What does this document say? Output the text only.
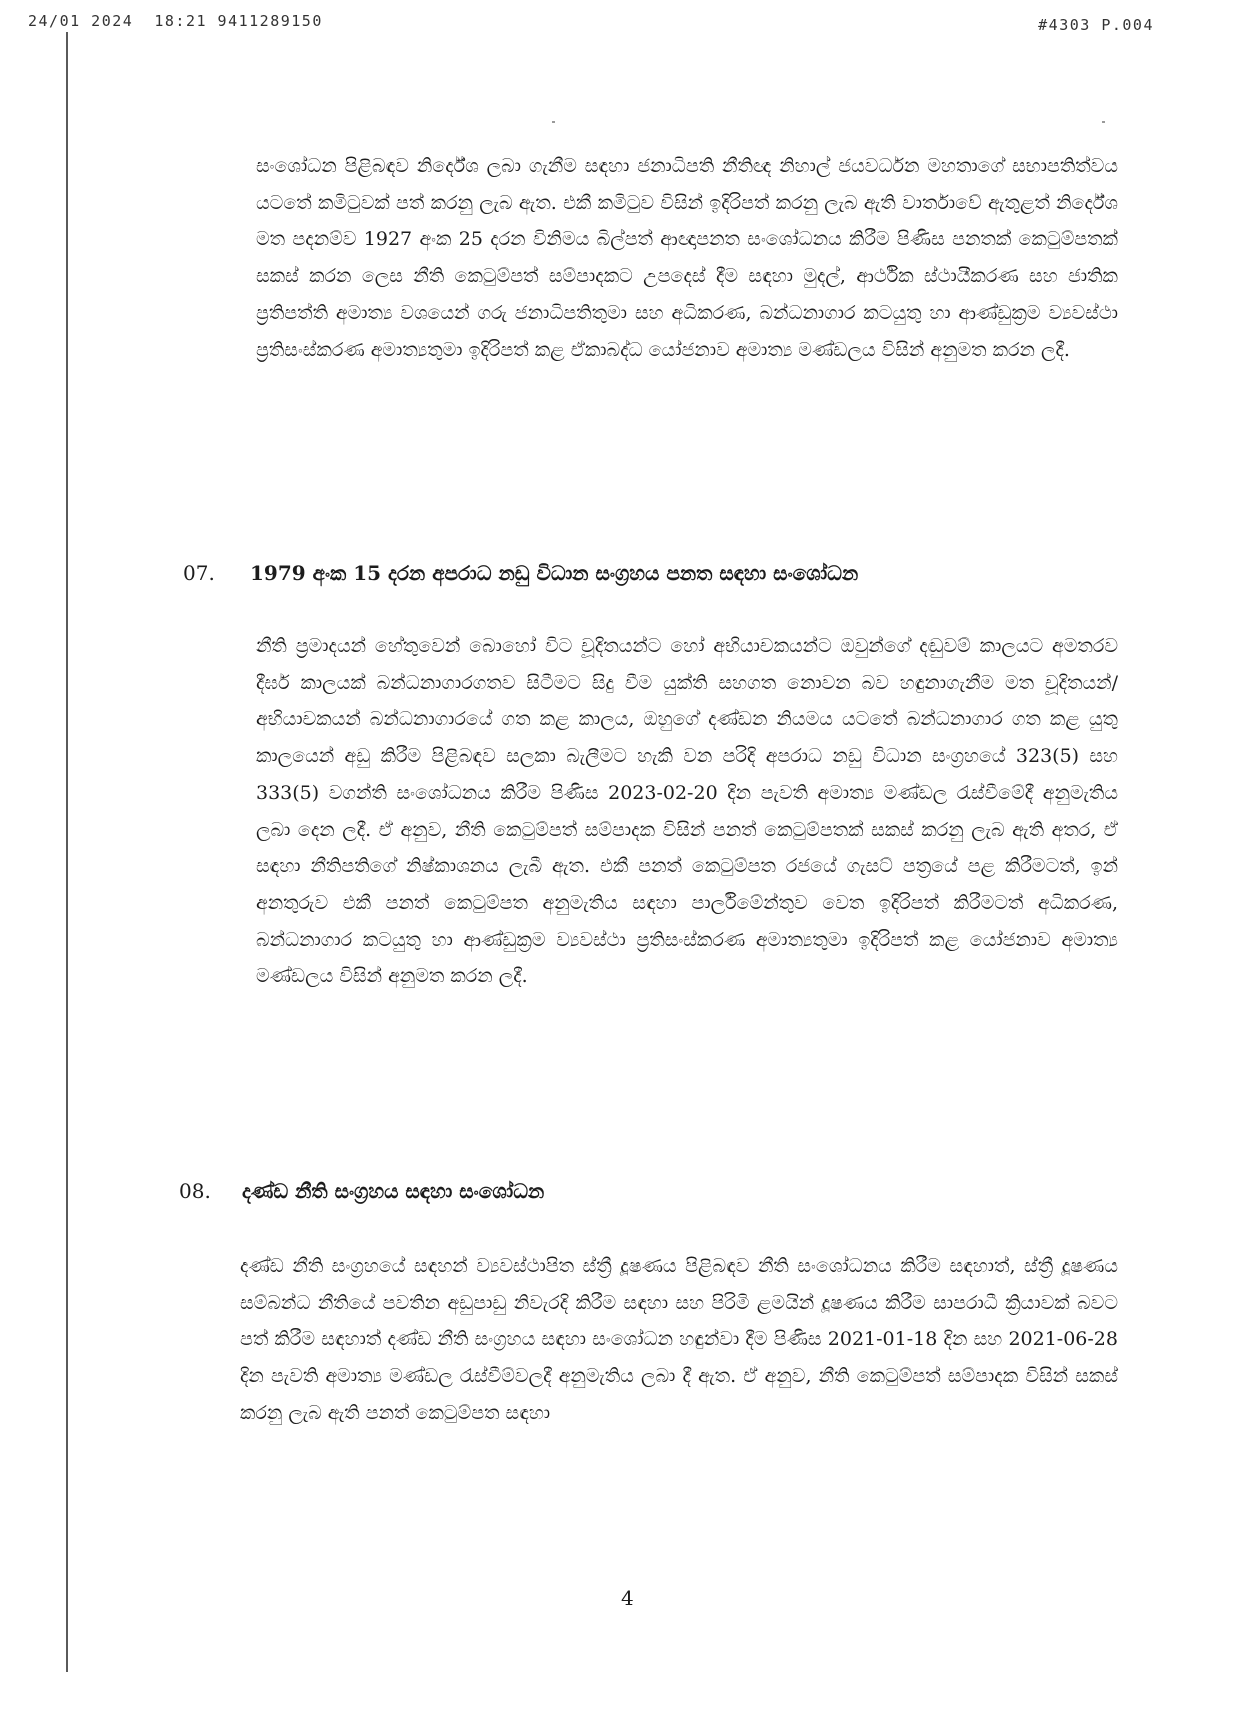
24/01 2024  18:21 9411289150	#4303 P.004

සංශෝධන පිළිබඳව නිර්දේශ ලබා ගැනීම සඳහා ජනාධිපති නීතිඥ නිහාල් ජයවර්ධන මහතාගේ සභාපතිත්වය යටතේ කමිටුවක් පත් කරනු ලැබ ඇත. එකී කමිටුව විසින් ඉදිරිපත් කරනු ලැබ ඇති වාර්තාවේ ඇතුළත් නිර්දේශ මත පදනම්ව 1927 අංක 25 දරන විනිමය බිල්පත් ආඥාපනත සංශෝධනය කිරීම පිණිස පනතක් කෙටුම්පතක් සකස් කරන ලෙස නීති කෙටුම්පත් සම්පාදකට උපදෙස් දීම සඳහා මුදල්, ආර්ථික ස්ථායීකරණ සහ ජාතික ප්‍රතිපත්ති අමාත්‍ය වශයෙන් ගරු ජනාධිපතිතුමා සහ අධිකරණ, බන්ධනාගාර කටයුතු හා ආණ්ඩුක්‍රම ව්‍යවස්ථා ප්‍රතිසංස්කරණ අමාත්‍යතුමා ඉදිරිපත් කළ ඒකාබද්ධ යෝජනාව අමාත්‍ය මණ්ඩලය විසින් අනුමත කරන ලදී.

07. 1979 අංක 15 දරන අපරාධ නඩු විධාන සංග්‍රහය පනත සඳහා සංශෝධන

නීති ප්‍රමාදයන් හේතුවෙන් බොහෝ විට චූදිතයන්ට හෝ අභියාචකයන්ට ඔවුන්ගේ දඬුවම් කාලයට අමතරව දීර්ඝ කාලයක් බන්ධනාගාරගතව සිටීමට සිදු වීම යුක්ති සහගත නොවන බව හඳුනාගැනීම මත චූදිතයන්/අභියාචකයන් බන්ධනාගාරයේ ගත කළ කාලය, ඔහුගේ දණ්ඩන නියමය යටතේ බන්ධනාගාර ගත කළ යුතු කාලයෙන් අඩු කිරීම පිළිබඳව සලකා බැලීමට හැකි වන පරිදි අපරාධ නඩු විධාන සංග්‍රහයේ 323(5) සහ 333(5) වගන්ති සංශෝධනය කිරීම පිණිස 2023-02-20 දින පැවති අමාත්‍ය මණ්ඩල රැස්වීමේදී අනුමැතිය ලබා දෙන ලදී. ඒ අනුව, නීති කෙටුම්පත් සම්පාදක විසින් පනත් කෙටුම්පතක් සකස් කරනු ලැබ ඇති අතර, ඒ සඳහා නීතිපතිගේ නිෂ්කාශනය ලැබී ඇත. එකී පනත් කෙටුම්පත රජයේ ගැසට් පත්‍රයේ පළ කිරීමටත්, ඉන් අනතුරුව එකී පනත් කෙටුම්පත අනුමැතිය සඳහා පාර්ලිමේන්තුව වෙත ඉදිරිපත් කිරීමටත් අධිකරණ, බන්ධනාගාර කටයුතු හා ආණ්ඩුක්‍රම ව්‍යවස්ථා ප්‍රතිසංස්කරණ අමාත්‍යතුමා ඉදිරිපත් කළ යෝජනාව අමාත්‍ය මණ්ඩලය විසින් අනුමත කරන ලදී.

08. දණ්ඩ නීති සංග්‍රහය සඳහා සංශෝධන

දණ්ඩ නීති සංග්‍රහයේ සඳහන් ව්‍යවස්ථාපිත ස්ත්‍රී දූෂණය පිළිබඳව නීති සංශෝධනය කිරීම සඳහාත්, ස්ත්‍රී දූෂණය සම්බන්ධ නීතියේ පවතින අඩුපාඩු නිවැරදි කිරීම සඳහා සහ පිරිමි ළමයින් දූෂණය කිරීම සාපරාධී ක්‍රියාවක් බවට පත් කිරීම සඳහාත් දණ්ඩ නීති සංග්‍රහය සඳහා සංශෝධන හඳුන්වා දීම පිණිස 2021-01-18 දින සහ 2021-06-28 දින පැවති අමාත්‍ය මණ්ඩල රැස්වීම්වලදී අනුමැතිය ලබා දී ඇත. ඒ අනුව, නීති කෙටුම්පත් සම්පාදක විසින් සකස් කරනු ලැබ ඇති පනත් කෙටුම්පත සඳහා

4
